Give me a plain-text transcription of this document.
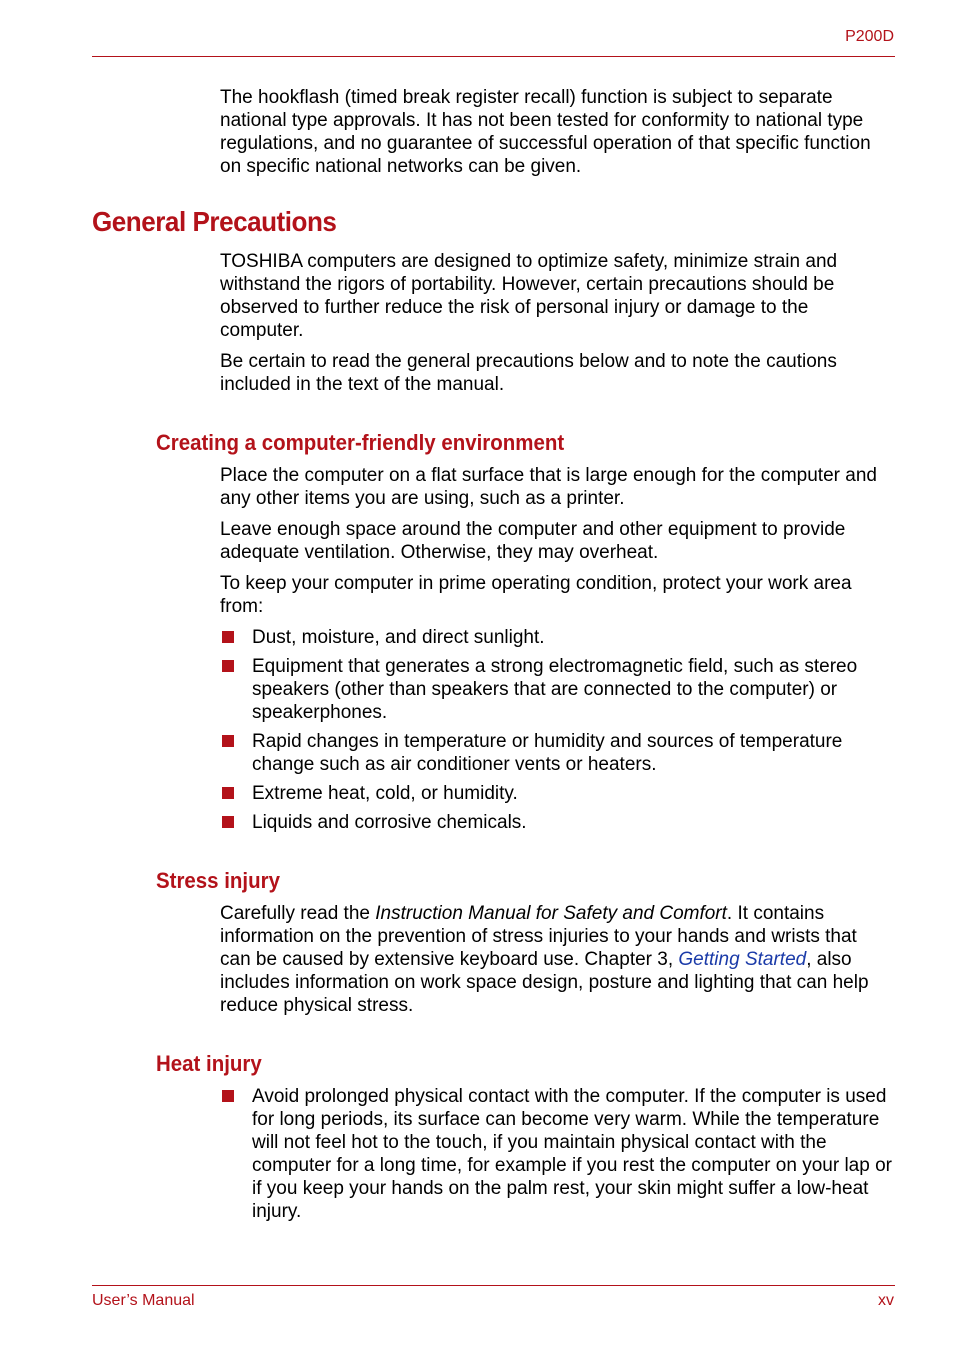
P200D

The hookflash (timed break register recall) function is subject to separate national type approvals. It has not been tested for conformity to national type regulations, and no guarantee of successful operation of that specific function on specific national networks can be given.

General Precautions

TOSHIBA computers are designed to optimize safety, minimize strain and withstand the rigors of portability. However, certain precautions should be observed to further reduce the risk of personal injury or damage to the computer.

Be certain to read the general precautions below and to note the cautions included in the text of the manual.

Creating a computer-friendly environment

Place the computer on a flat surface that is large enough for the computer and any other items you are using, such as a printer.

Leave enough space around the computer and other equipment to provide adequate ventilation. Otherwise, they may overheat.

To keep your computer in prime operating condition, protect your work area from:

Dust, moisture, and direct sunlight.
Equipment that generates a strong electromagnetic field, such as stereo speakers (other than speakers that are connected to the computer) or speakerphones.
Rapid changes in temperature or humidity and sources of temperature change such as air conditioner vents or heaters.
Extreme heat, cold, or humidity.
Liquids and corrosive chemicals.
Stress injury

Carefully read the Instruction Manual for Safety and Comfort. It contains information on the prevention of stress injuries to your hands and wrists that can be caused by extensive keyboard use. Chapter 3, Getting Started, also includes information on work space design, posture and lighting that can help reduce physical stress.

Heat injury
Avoid prolonged physical contact with the computer. If the computer is used for long periods, its surface can become very warm. While the temperature will not feel hot to the touch, if you maintain physical contact with the computer for a long time, for example if you rest the computer on your lap or if you keep your hands on the palm rest, your skin might suffer a low-heat injury.
User’s Manual	xv
